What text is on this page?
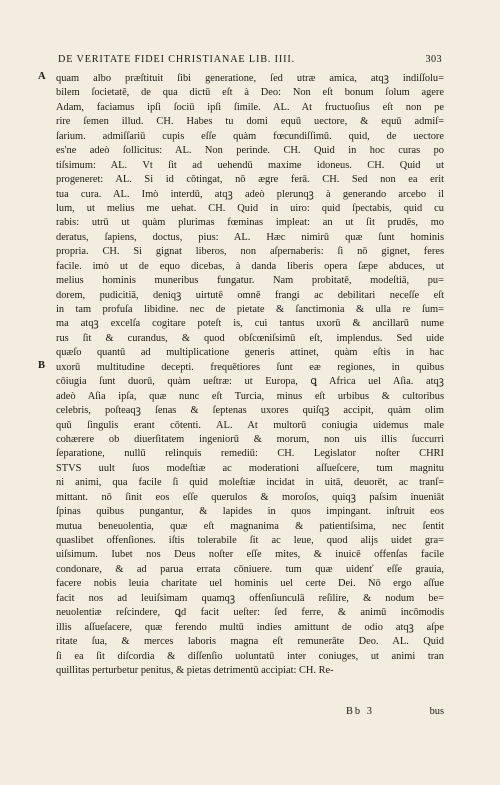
DE VERITATE FIDEI CHRISTIANAE LIB. IIII.	303
A
B
quam albo præſtituit ſibi generatione, ſed utræ amica, atqꝫ indiſſolu=
bilem ſocietatē, de qua dictū eſt à Deo: Non eſt bonum ſolum agere
Adam, faciamus ipſi ſociū ipſi ſimile. AL. At fructuoſius eſt non pe
rire ſemen illud. CH. Habes tu domi equū uectore, & equū admiſ=
ſarium. admiſſariū cupis eſſe quàm fœcundiſſimū. quid, de uectore
es'ne adeò ſollicitus: AL. Non perinde. CH. Quid in hoc curas po
tiſsimum: AL. Vt ſit ad uehendū maxime idoneus. CH. Quid ut
progeneret: AL. Si id cōtingat, nō ægre ferā. CH. Sed non ea erit
tua cura. AL. Imò interdū, atqꝫ adeò plerunqꝫ à generando arcebo il
lum, ut melius me uehat. CH. Quid in uiro: quid ſpectabis, quid cu
rabis: utrū ut quàm plurimas fœminas impleat: an ut ſit prudēs, mo
deratus, ſapiens, doctus, pius: AL. Hæc nimirū quæ ſunt hominis
propria. CH. Si gignat liberos, non aſpernaberis: ſi nō gignet, feres
facile. imò ut de equo dicebas, à danda liberis opera ſæpe abduces, ut
melius hominis muneribus fungatur. Nam probitatē, modeſtiā, pu=
dorem, pudicitiā, deniqꝫ uirtutē omnē frangi ac debilitari neceſſe eſt
in tam profuſa libidine. nec de pietate & ſanctimonia & ulla re ſum=
ma atqꝫ excelſa cogitare poteſt is, cui tantus uxorū & ancillarū nume
rus ſit & curandus, & quod obſcœniſsimū eſt, implendus. Sed uide
quæſo quantū ad multiplicatione generis attinet, quàm eſtis in hac
uxorū multitudine decepti. frequētiores ſunt eæ regiones, in quibus
cōiugia ſunt duorū, quàm ueſtræ: ut Europa, ꝗ Africa uel Aſia. atqꝫ
adeò Aſia ipſa, quæ nunc eſt Turcia, minus eſt urbibus & cultoribus
celebris, poſteaqꝫ ſenas & ſeptenas uxores quiſqꝫ accipit, quàm olim
quū ſingulis erant cōtenti. AL. At multorū coniugia uidemus male
cohærere ob diuerſitatem ingeniorū & morum, non uis illis ſuccurri
ſeparatione, nullū relinquis remediū: CH. Legislator noſter CHRI
STVS uult ſuos modeſtiæ ac moderationi aſſueſcere, tum magnitu
ni animi, qua facile ſi quid moleſtiæ incidat in uitā, deuorēt, ac tranſ=
mittant. nō ſinit eos eſſe querulos & moroſos, quiqꝫ paſsim inueniāt
ſpinas quibus pungantur, & lapides in quos impingant. inſtruit eos
mutua beneuolentia, quæ eſt magnanima & patientiſsima, nec ſentit
quaslibet offenſiones. iſtis tolerabile ſit ac leue, quod alijs uidet gra=
uiſsimum. Iubet nos Deus noſter eſſe mites, & inuicē offenſas facile
condonare, & ad parua errata cōniuere. tum quæ uidenť eſſe grauia,
facere nobis leuia charitate uel hominis uel certe Dei. Nō ergo aſſue
facit nos ad leuiſsimam quamqꝫ offenſiunculā reſilire, & nodum be=
neuolentiæ reſcindere, ꝗd facit ueſter: ſed ferre, & animū incōmodis
illis aſſueſacere, quæ ferendo multū indies amittunt de odio atqꝫ aſpe
ritate ſua, & merces laboris magna eſt remunerāte Deo. AL. Quid
ſi ea ſit diſcordia & diſſenſio uoluntatū inter coniuges, ut animi tran
quillitas perturbetur penitus, & pietas detrimentū accipiat: CH. Re-
Bb 3	bus
